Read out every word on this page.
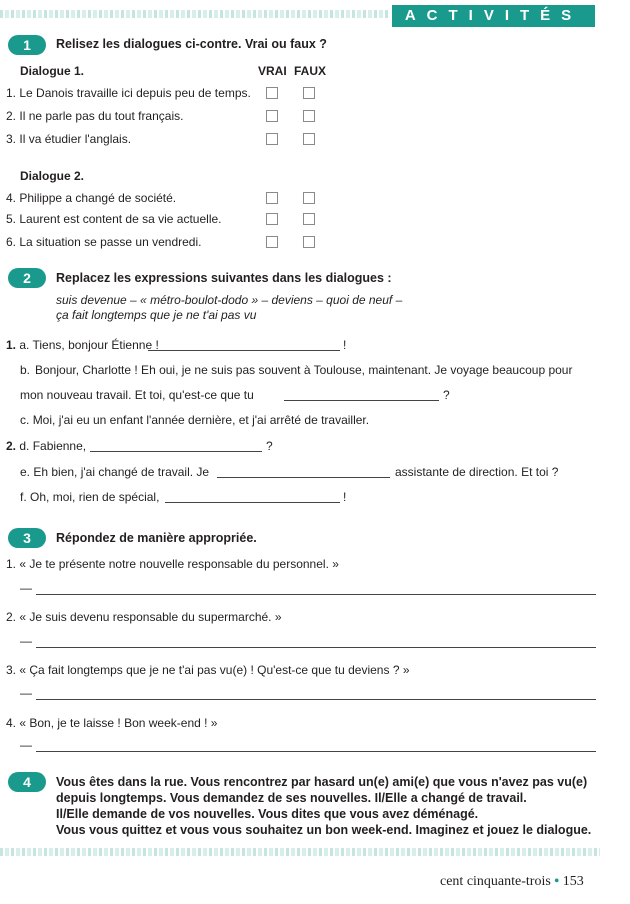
ACTIVITÉS
1	Relisez les dialogues ci-contre. Vrai ou faux ?
Dialogue 1.	VRAI FAUX
1. Le Danois travaille ici depuis peu de temps.
2. Il ne parle pas du tout français.
3. Il va étudier l'anglais.
Dialogue 2.
4. Philippe a changé de société.
5. Laurent est content de sa vie actuelle.
6. La situation se passe un vendredi.
2	Replacez les expressions suivantes dans les dialogues :
suis devenue – « métro-boulot-dodo » – deviens – quoi de neuf –
ça fait longtemps que je ne t'ai pas vu
1. a. Tiens, bonjour Étienne !	!
b. Bonjour, Charlotte ! Eh oui, je ne suis pas souvent à Toulouse, maintenant. Je voyage beaucoup pour
mon nouveau travail. Et toi, qu'est-ce que tu	?
c. Moi, j'ai eu un enfant l'année dernière, et j'ai arrêté de travailler.
2. d. Fabienne,	?
e. Eh bien, j'ai changé de travail. Je	assistante de direction. Et toi ?
f. Oh, moi, rien de spécial,	!
3	Répondez de manière appropriée.
1. « Je te présente notre nouvelle responsable du personnel. »
—
2. « Je suis devenu responsable du supermarché. »
—
3. « Ça fait longtemps que je ne t'ai pas vu(e) ! Qu'est-ce que tu deviens ? »
—
4. « Bon, je te laisse ! Bon week-end ! »
—
4	Vous êtes dans la rue. Vous rencontrez par hasard un(e) ami(e) que vous n'avez pas vu(e)
depuis longtemps. Vous demandez de ses nouvelles. Il/Elle a changé de travail.
Il/Elle demande de vos nouvelles. Vous dites que vous avez déménagé.
Vous vous quittez et vous vous souhaitez un bon week-end. Imaginez et jouez le dialogue.
cent cinquante-trois • 153
